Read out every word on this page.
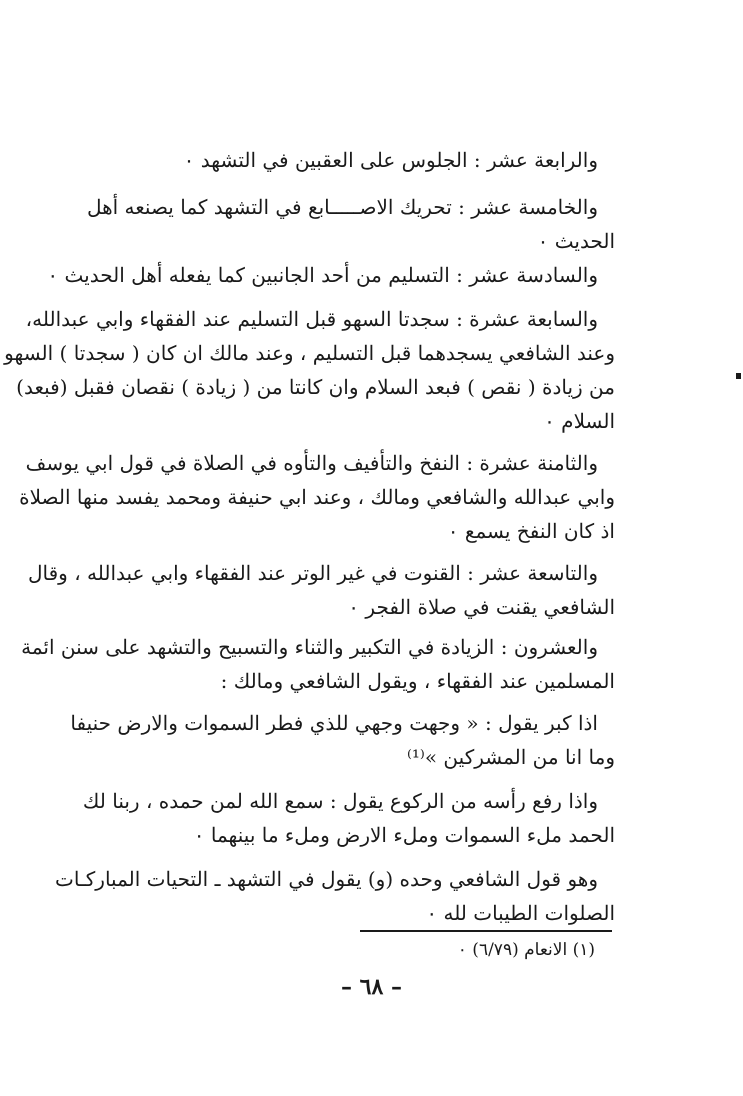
والرابعة عشر : الجلوس على العقبين في التشهد ٠
والخامسة عشر : تحريك الاصـــــابع في التشهد كما يصنعه أهل
الحديث ٠
والسادسة عشر : التسليم من أحد الجانبين كما يفعله أهل الحديث ٠
والسابعة عشرة : سجدتا السهو قبل التسليم عند الفقهاء وابي عبدالله،
وعند الشافعي يسجدهما قبل التسليم ، وعند مالك ان كان ( سجدتا ) السهو
من زيادة ( نقص ) فبعد السلام وان كانتا من ( زيادة ) نقصان فقبل (فبعد)
السلام ٠
والثامنة عشرة : النفخ والتأفيف والتأوه في الصلاة في قول ابي يوسف
وابي عبدالله والشافعي ومالك ، وعند ابي حنيفة ومحمد يفسد منها الصلاة
اذ كان النفخ يسمع ٠
والتاسعة عشر : القنوت في غير الوتر عند الفقهاء وابي عبدالله ، وقال
الشافعي يقنت في صلاة الفجر ٠
والعشرون : الزيادة في التكبير والثناء والتسبيح والتشهد على سنن ائمة
المسلمين عند الفقهاء ، ويقول الشافعي ومالك :
اذا كبر يقول : « وجهت وجهي للذي فطر السموات والارض حنيفا
وما انا من المشركين »⁽¹⁾
واذا رفع رأسه من الركوع يقول : سمع الله لمن حمده ، ربنا لك
الحمد ملء السموات وملء الارض وملء ما بينهما ٠
وهو قول الشافعي وحده (و) يقول في التشهد ـ التحيات المباركـات
الصلوات الطيبات لله ٠
(١) الانعام (٦/٧٩) ٠
– ٦٨ –
